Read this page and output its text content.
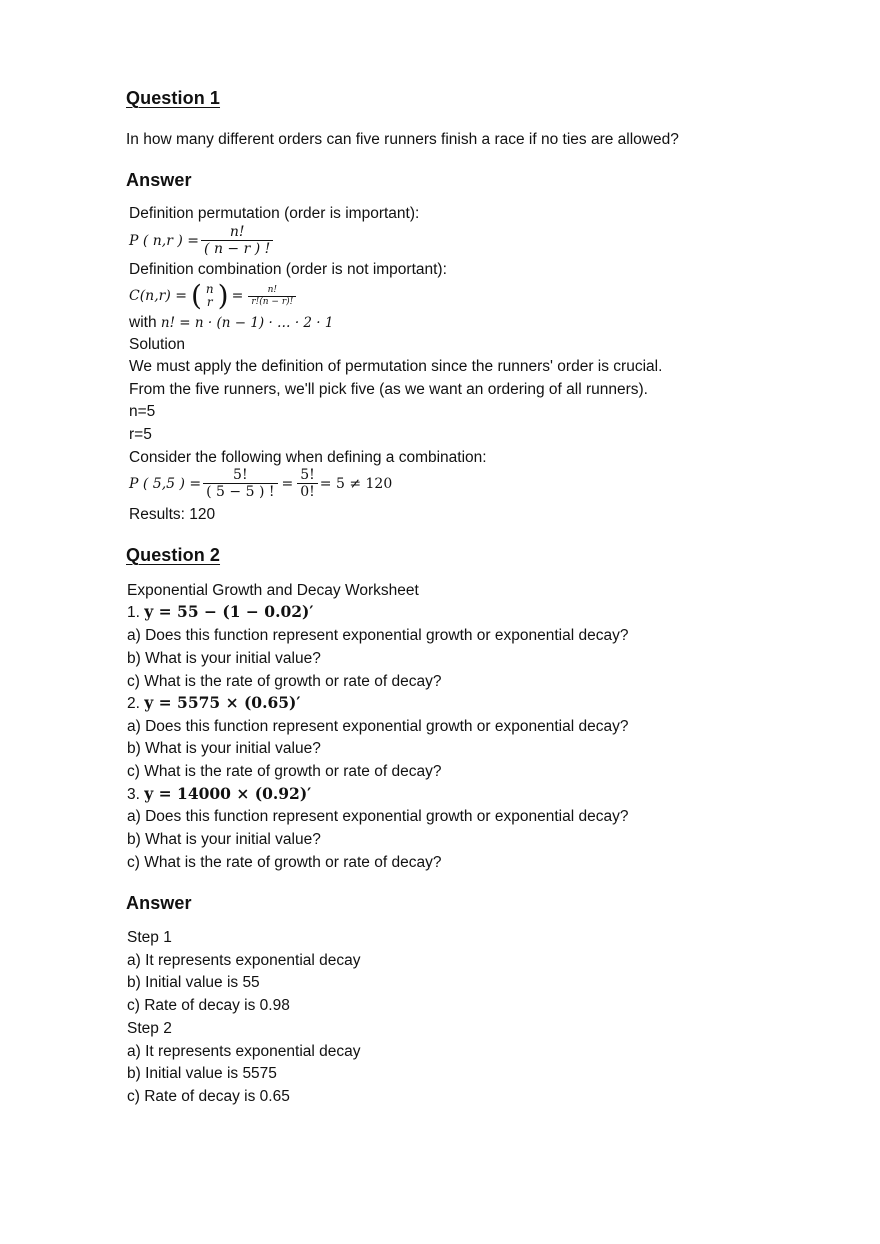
Question 1
In how many different orders can five runners finish a race if no ties are allowed?
Answer
Definition permutation (order is important):
P ( n,r ) = $\frac{n!}{( n - r ) !}$
Definition combination (order is not important):
C(n,r) = ( n
r ) = $\frac{n!}{r!(n - r)!}$
with n! = n · (n − 1) · … · 2 · 1
Solution
We must apply the definition of permutation since the runners' order is crucial.
From the five runners, we'll pick five (as we want an ordering of all runners).
n=5
r=5
Consider the following when defining a combination:
P ( 5,5 ) = $\frac{5!}{( 5 - 5 ) !} = \frac{5!}{0!} = 5 \ne 120$
Results: 120
Question 2
Exponential Growth and Decay Worksheet
1. y = 55 − (1 − 0.02)′
a) Does this function represent exponential growth or exponential decay?
b) What is your initial value?
c) What is the rate of growth or rate of decay?
2. y = 5575 × (0.65)′
a) Does this function represent exponential growth or exponential decay?
b) What is your initial value?
c) What is the rate of growth or rate of decay?
3. y = 14000 × (0.92)′
a) Does this function represent exponential growth or exponential decay?
b) What is your initial value?
c) What is the rate of growth or rate of decay?
Answer
Step 1
a) It represents exponential decay
b) Initial value is 55
c) Rate of decay is 0.98
Step 2
a) It represents exponential decay
b) Initial value is 5575
c) Rate of decay is 0.65
